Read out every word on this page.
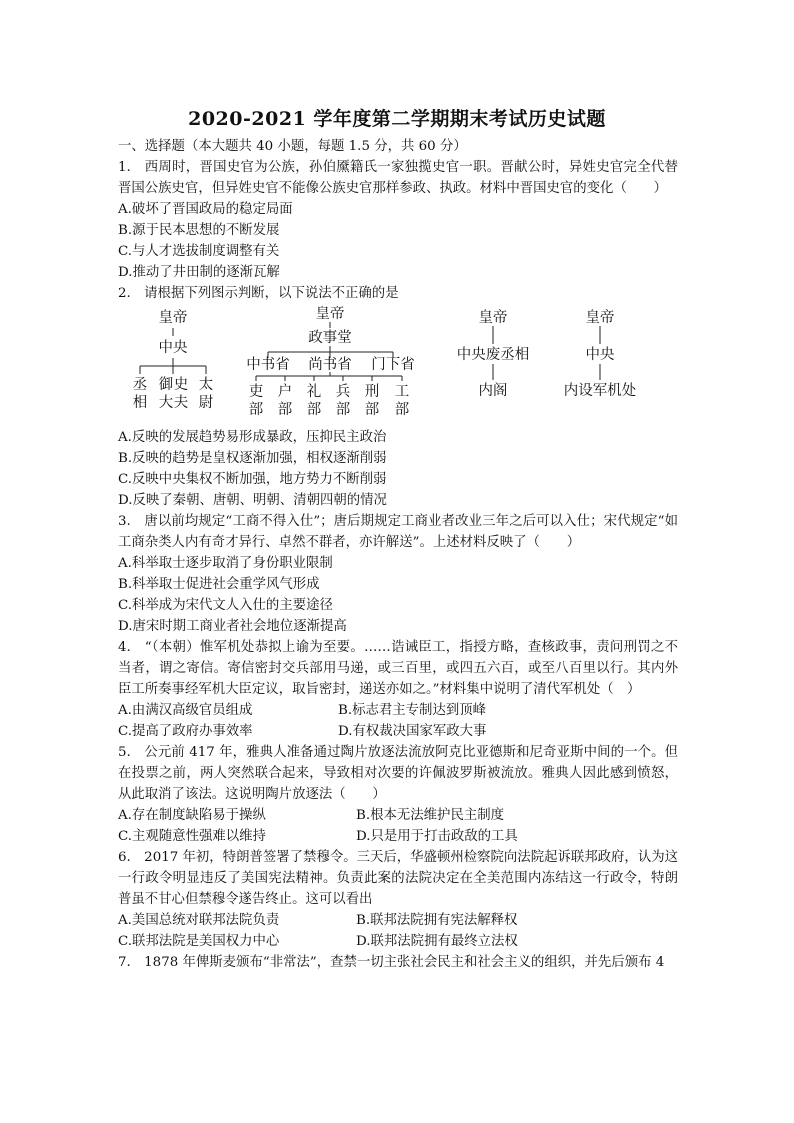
2020-2021 学年度第二学期期末考试历史试题

一、选择题（本大题共 40 小题，每题 1.5 分，共 60 分）

1.　西周时，晋国史官为公族，孙伯黡籍氏一家独揽史官一职。晋献公时，异姓史官完全代替晋国公族史官，但异姓史官不能像公族史官那样参政、执政。材料中晋国史官的变化（　　）

A.破坏了晋国政局的稳定局面

B.源于民本思想的不断发展

C.与人才选拔制度调整有关

D.推动了井田制的逐渐瓦解

2.　请根据下列图示判断，以下说法不正确的是

皇帝
中央
丞相
御大史夫
太尉
皇帝
政事堂
中书省 尚书省 门下省
吏部
户部
礼部
兵部
刑部
工部
皇帝
中央废丞相
内阁
皇帝
中央
内设军机处

A.反映的发展趋势易形成暴政，压抑民主政治

B.反映的趋势是皇权逐渐加强，相权逐渐削弱

C.反映中央集权不断加强，地方势力不断削弱

D.反映了秦朝、唐朝、明朝、清朝四朝的情况

3.　唐以前均规定“工商不得入仕”；唐后期规定工商业者改业三年之后可以入仕；宋代规定“如工商杂类人内有奇才异行、卓然不群者，亦许解送”。上述材料反映了（　　）

A.科举取士逐步取消了身份职业限制

B.科举取士促进社会重学风气形成

C.科举成为宋代文人入仕的主要途径

D.唐宋时期工商业者社会地位逐渐提高

4.　“（本朝）惟军机处恭拟上谕为至要。……诰诫臣工，指授方略，查核政事，责问刑罚之不当者，谓之寄信。寄信密封交兵部用马递，或三百里，或四五六百，或至八百里以行。其内外臣工所奏事经军机大臣定议，取旨密封，递送亦如之。”材料集中说明了清代军机处（　）

A.由满汉高级官员组成	B.标志君主专制达到顶峰
C.提高了政府办事效率	D.有权裁决国家军政大事

5.　公元前 417 年，雅典人准备通过陶片放逐法流放阿克比亚德斯和尼奇亚斯中间的一个。但在投票之前，两人突然联合起来，导致相对次要的许佩波罗斯被流放。雅典人因此感到愤怒，从此取消了该法。这说明陶片放逐法（　　）

A.存在制度缺陷易于操纵	B.根本无法维护民主制度
C.主观随意性强难以维持	D.只是用于打击政敌的工具

6.　2017 年初，特朗普签署了禁穆令。三天后，华盛顿州检察院向法院起诉联邦政府，认为这一行政令明显违反了美国宪法精神。负责此案的法院决定在全美范围内冻结这一行政令，特朗普虽不甘心但禁穆令遂告终止。这可以看出

A.美国总统对联邦法院负责	B.联邦法院拥有宪法解释权
C.联邦法院是美国权力中心	D.联邦法院拥有最终立法权

7.　1878 年俾斯麦颁布“非常法”，查禁一切主张社会民主和社会主义的组织，并先后颁布 4
